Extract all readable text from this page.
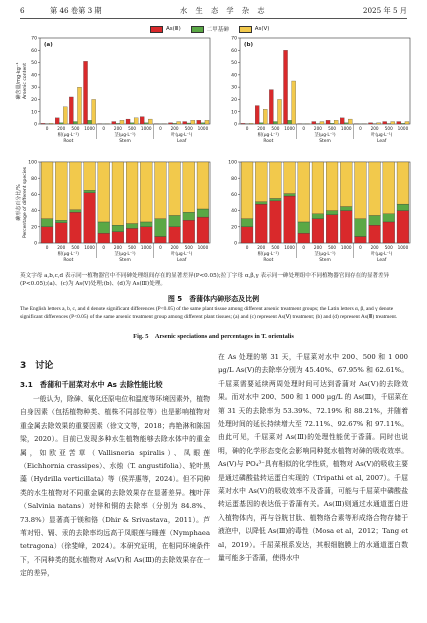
6	第 46 卷第 3 期	水 生 态 学 杂 志	2025 年 5 月
As(Ⅲ)	二甲基砷	As(Ⅴ)
70
60
50
40
30
20
10
0
(a)
砷含量/mg·kg⁻¹ Arsenic content
0 200 500 1000
根(μg·L⁻¹)
Root
0 200 500 1000
茎(μg·L⁻¹)
Stem
0 200 500 1000
叶(μg·L⁻¹)
Leaf
70
60
50
40
30
20
10
0
(b)
0 200 500 1000
根(μg·L⁻¹)
Root
0 200 500 1000
茎(μg·L⁻¹)
Stem
0 200 500 1000
叶(μg·L⁻¹)
Leaf
100
80
60
40
20
0
砷形态百分比/% Percentage of different species
0 200 500 1000
根(μg·L⁻¹)
Root
0 200 500 1000
茎(μg·L⁻¹)
Stem
0 200 500 1000
叶(μg·L⁻¹)
Leaf
100
80
60
40
20
0
0 200 500 1000
根(μg·L⁻¹)
Root
0 200 500 1000
茎(μg·L⁻¹)
Stem
0 200 500 1000
叶(μg·L⁻¹)
Leaf
英文字母 a,b,c,d 表示同一植物器官中不同砷处理组间存在的显著差异(P<0.05);拉丁字母 α,β,γ 表示同一砷处理组中不同植物器官间存在的显著差异(P<0.05);(a)、(c)为 As(Ⅴ)处理;(b)、(d)为 As(Ⅲ)处理。
图 5　香蒲体内砷形态及比例
The English letters a, b, c, and d denote significant differences (P<0.05) of the same plant tissue among different arsenic treatment groups; the Latin letters α, β, and γ denote significant differences (P<0.05) of the same arsenic treatment group among different plant tissues; (a) and (c) represent As(Ⅴ) treatment; (b) and (d) represent As(Ⅲ) treatment.
Fig. 5　Arsenic speciations and percentages in T. orientalis
3　讨论
3.1　香蒲和千屈菜对水中 As 去除性能比较

一般认为，除砷、氧化还原电位和温度等环境因素外，植物自身因素（包括植物种类、植株不同部位等）也是影响植物对重金属去除效果的重要因素（徐文文等，2018；冉艳淋和陈国梁，2020）。目前已发现多种水生植物能够去除水体中的重金属，如欧亚苦草（Vallisneria spiralis）、凤眼莲（Eichhornia crassipes）、水烛（T. angustifolia）、轮叶黑藻（Hydrilla verticillata）等（侯弄惠等，2024）。但不同种类的水生植物对不同重金属的去除效果存在显著差异。槐叶萍（Salvinia natans）对锌和铜的去除率（分别为 84.8%、73.8%）显著高于镁和铬（Dhir & Srivastava，2011）。芦苇对铅、镉、汞的去除率均远高于凤眼莲与睡莲（Nymphaea tetragona）（徐斐峰，2024）。本研究证明，在相同环境条件下，不同种类的挺水植物对 As(Ⅴ)和 As(Ⅲ)的去除效果存在一定的差异，

在 As 处理的第 31 天，千屈菜对水中 200、500 和 1 000 μg/L As(Ⅴ)的去除率分别为 45.40%、67.95% 和 62.61%。千屈菜需要延续两周处理时间可达到香蒲对 As(Ⅴ)的去除效果。而对水中 200、500 和 1 000 μg/L 的 As(Ⅲ)，千屈菜在第 31 天的去除率为 53.39%、72.19% 和 88.21%，并随着处理时间的延长持续增大至 72.11%、92.67% 和 97.11%。由此可见，千屈菜对 As(Ⅲ)的处理性能优于香蒲。同时也说明，砷的化学形态变化会影响同种挺水植物对砷的吸收效率。As(Ⅴ)与 PO₄³⁻具有相似的化学性质，植物对 As(Ⅴ)的吸收主要是通过磷酸盐转运蛋白实现的（Tripathi et al, 2007）。千屈菜对水中 As(Ⅴ)的吸收效率不及香蒲，可能与千屈菜中磷酸盐转运蛋基因的表达低于香蒲有关。As(Ⅲ)则通过水通道蛋白进入植物体内，再与谷胱甘肽、植物络合素等形成络合物存储于液泡中，以降低 As(Ⅲ)的毒性（Mosa et al，2012；Tang et al，2019）。千屈菜根系发达，其根细胞膜上的水通道蛋白数量可能多于香蒲，使得水中
